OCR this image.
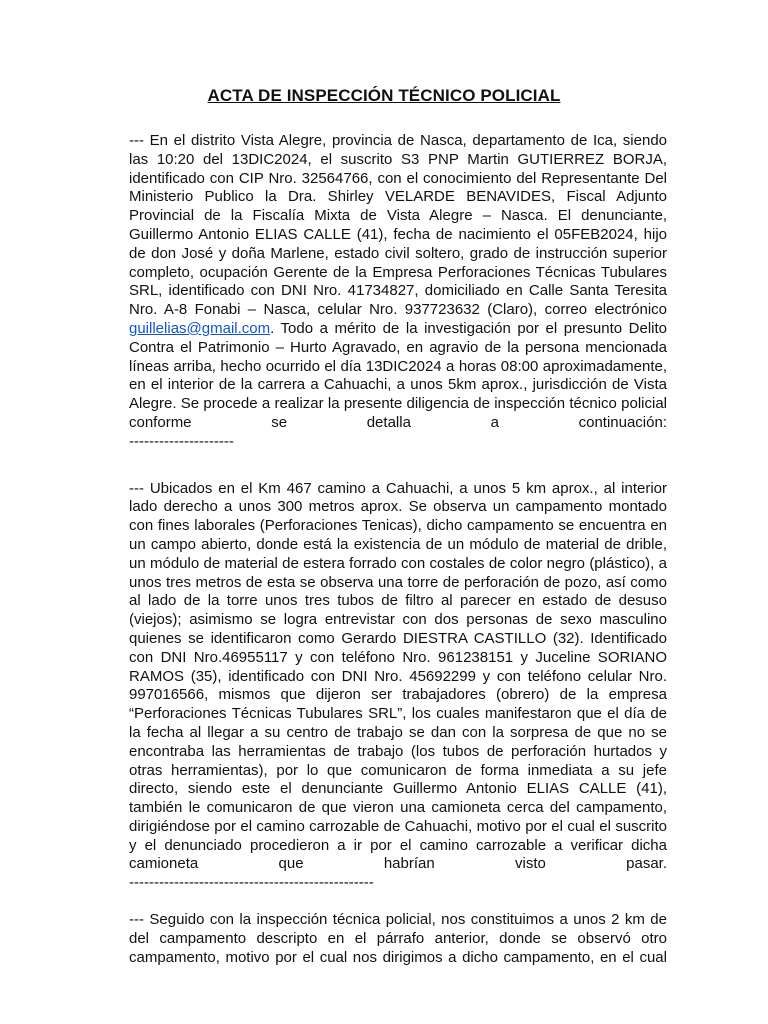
ACTA DE INSPECCIÓN TÉCNICO POLICIAL

--- En el distrito Vista Alegre, provincia de Nasca, departamento de Ica, siendo las 10:20 del 13DIC2024, el suscrito S3 PNP Martin GUTIERREZ BORJA, identificado con CIP Nro. 32564766, con el conocimiento del Representante Del Ministerio Publico la Dra. Shirley VELARDE BENAVIDES, Fiscal Adjunto Provincial de la Fiscalía Mixta de Vista Alegre – Nasca. El denunciante, Guillermo Antonio ELIAS CALLE (41), fecha de nacimiento el 05FEB2024, hijo de don José y doña Marlene, estado civil soltero, grado de instrucción superior completo, ocupación Gerente de la Empresa Perforaciones Técnicas Tubulares SRL, identificado con DNI Nro. 41734827, domiciliado en Calle Santa Teresita Nro. A-8 Fonabi – Nasca, celular Nro. 937723632 (Claro), correo electrónico guillelias@gmail.com. Todo a mérito de la investigación por el presunto Delito Contra el Patrimonio – Hurto Agravado, en agravio de la persona mencionada líneas arriba, hecho ocurrido el día 13DIC2024 a horas 08:00 aproximadamente, en el interior de la carrera a Cahuachi, a unos 5km aprox., jurisdicción de Vista Alegre. Se procede a realizar la presente diligencia de inspección técnico policial conforme se detalla a continuación:
---------------------

--- Ubicados en el Km 467 camino a Cahuachi, a unos 5 km aprox., al interior lado derecho a unos 300 metros aprox. Se observa un campamento montado con fines laborales (Perforaciones Tenicas), dicho campamento se encuentra en un campo abierto, donde está la existencia de un módulo de material de drible, un módulo de material de estera forrado con costales de color negro (plástico), a unos tres metros de esta se observa una torre de perforación de pozo, así como al lado de la torre unos tres tubos de filtro al parecer en estado de desuso (viejos); asimismo se logra entrevistar con dos personas de sexo masculino quienes se identificaron como Gerardo DIESTRA CASTILLO (32). Identificado con DNI Nro.46955117 y con teléfono Nro. 961238151 y Juceline SORIANO RAMOS (35), identificado con DNI Nro. 45692299 y con teléfono celular Nro. 997016566, mismos que dijeron ser trabajadores (obrero) de la empresa “Perforaciones Técnicas Tubulares SRL”, los cuales manifestaron que el día de la fecha al llegar a su centro de trabajo se dan con la sorpresa de que no se encontraba las herramientas de trabajo (los tubos de perforación hurtados y otras herramientas), por lo que comunicaron de forma inmediata a su jefe directo, siendo este el denunciante Guillermo Antonio ELIAS CALLE (41), también le comunicaron de que vieron una camioneta cerca del campamento, dirigiéndose por el camino carrozable de Cahuachi, motivo por el cual el suscrito y el denunciado procedieron a ir por el camino carrozable a verificar dicha camioneta que habrían visto pasar.
-------------------------------------------------

--- Seguido con la inspección técnica policial, nos constituimos a unos 2 km de del campamento descripto en el párrafo anterior, donde se observó otro campamento, motivo por el cual nos dirigimos a dicho campamento, en el cual
